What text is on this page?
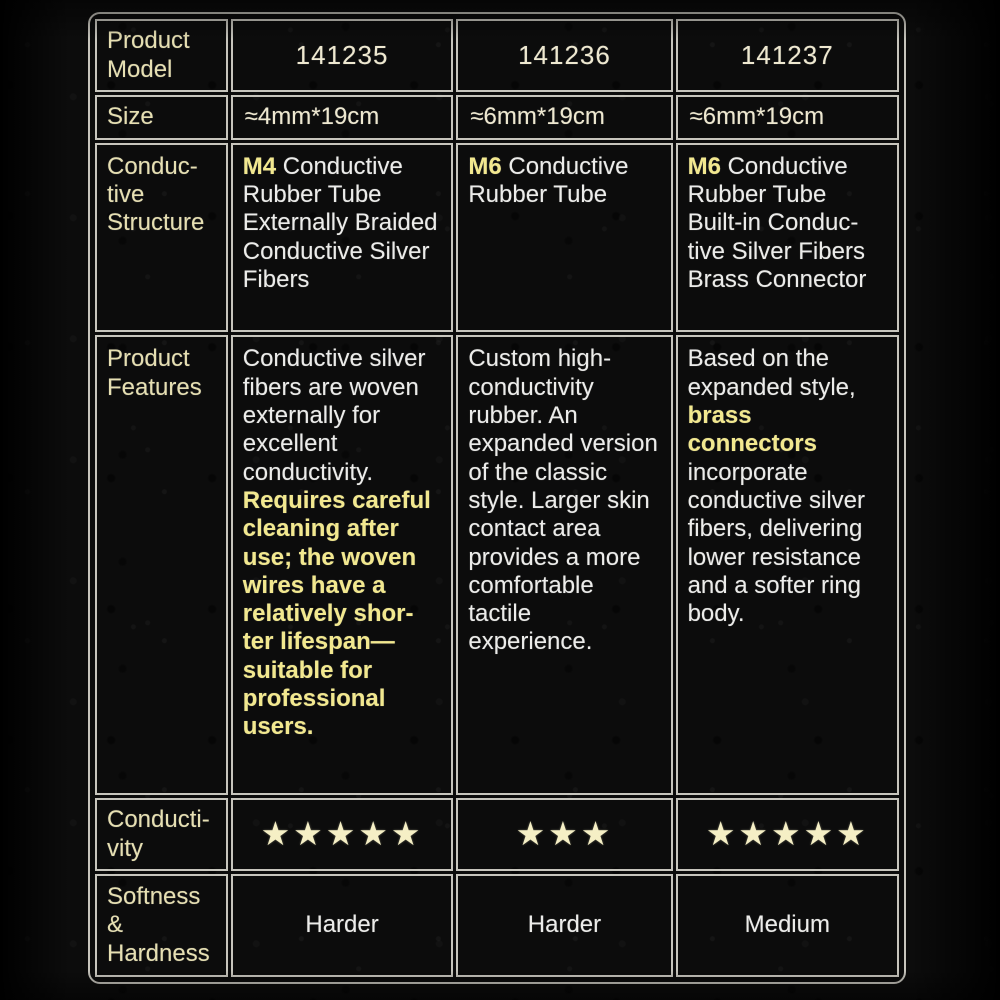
Product Model	141235	141236	141237
Size	≈4mm*19cm	≈6mm*19cm	≈6mm*19cm
Conduc-tive Structure	M4 Conductive Rubber Tube Externally Braided Conductive Silver Fibers	M6 Conductive Rubber Tube	M6 Conductive Rubber Tube Built-in Conduc-tive Silver Fibers Brass Connector
Product Features	Conductive silver fibers are woven externally for excellent conductivity. Requires careful cleaning after use; the woven wires have a relatively shor-ter lifespan— suitable for professional users.	Custom high-conductivity rubber. An expanded version of the classic style. Larger skin contact area provides a more comfortable tactile experience.	Based on the expanded style, brass connectors incorporate conductive silver fibers, delivering lower resistance and a softer ring body.
Conducti-vity	★★★★★	★★★	★★★★★
Softness & Hardness	Harder	Harder	Medium
